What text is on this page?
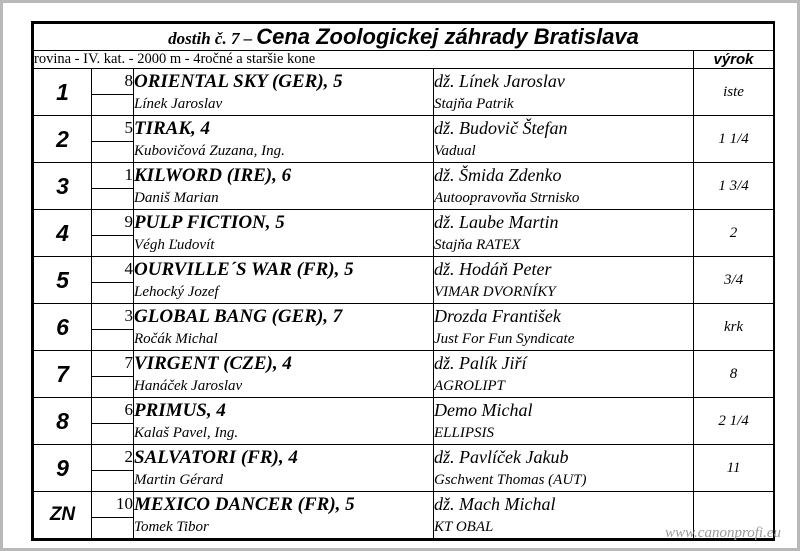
dostih č. 7 – Cena Zoologickej záhrady Bratislava				
rovina - IV. kat. - 2000 m - 4ročné a staršie kone				výrok
1	8	ORIENTAL SKY (GER), 5	dž. Línek Jaroslav	iste
		Línek Jaroslav	Stajňa Patrik	
2	5	TIRAK, 4	dž. Budovič Štefan	1 1/4
		Kubovičová Zuzana, Ing.	Vadual	
3	1	KILWORD (IRE), 6	dž. Šmida Zdenko	1 3/4
		Daniš Marian	Autoopravovňa Strnisko	
4	9	PULP FICTION, 5	dž. Laube Martin	2
		Végh Ľudovít	Stajňa RATEX	
5	4	OURVILLE´S WAR (FR), 5	dž. Hodáň Peter	3/4
		Lehocký Jozef	VIMAR DVORNÍKY	
6	3	GLOBAL BANG (GER), 7	Drozda František	krk
		Ročák Michal	Just For Fun Syndicate	
7	7	VIRGENT (CZE), 4	dž. Palík Jiří	8
		Hanáček Jaroslav	AGROLIPT	
8	6	PRIMUS, 4	Demo Michal	2 1/4
		Kalaš Pavel, Ing.	ELLIPSIS	
9	2	SALVATORI (FR), 4	dž. Pavlíček Jakub	11
		Martin Gérard	Gschwent Thomas (AUT)	
ZN	10	MEXICO DANCER (FR), 5	dž. Mach Michal	
		Tomek Tibor	KT OBAL		www.canonprofi.eu
